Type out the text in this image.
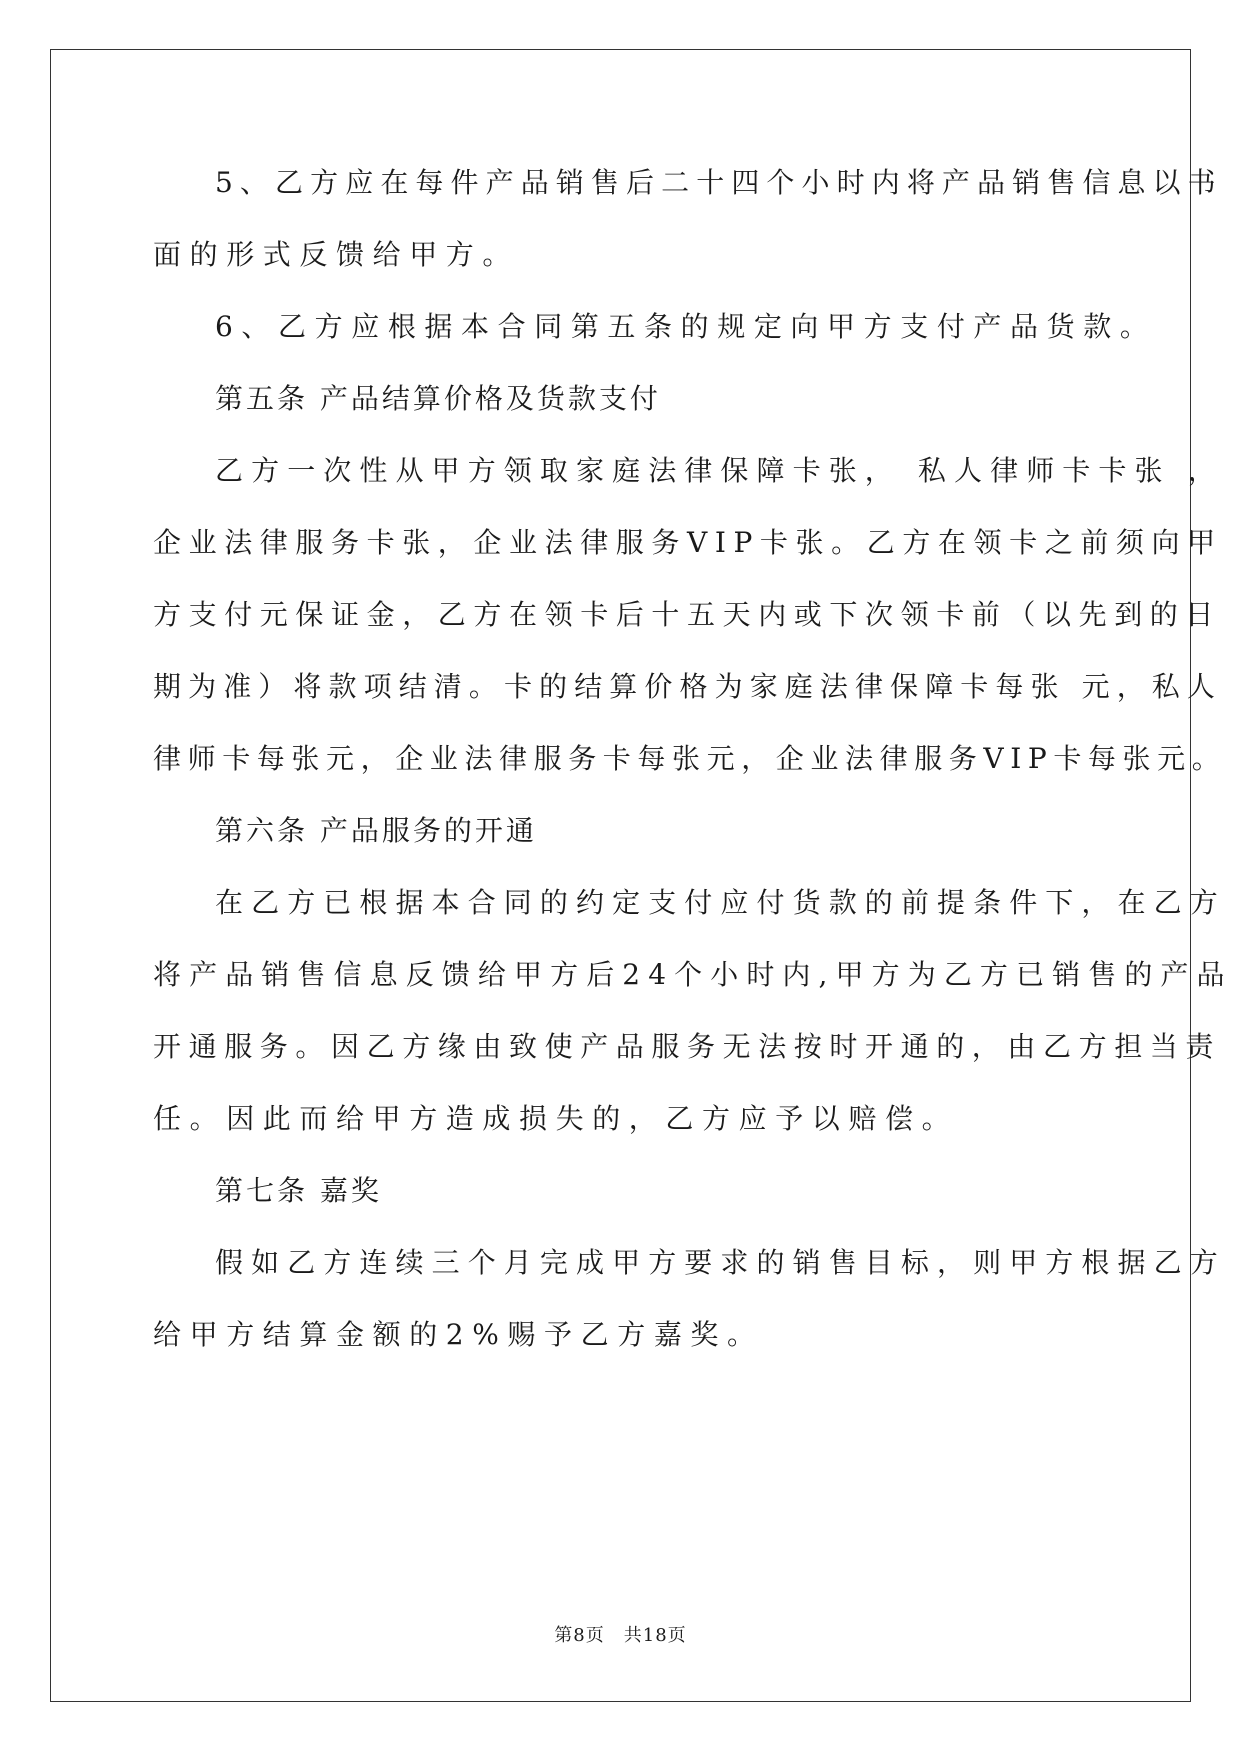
5、乙方应在每件产品销售后二十四个小时内将产品销售信息以书
面的形式反馈给甲方。
6、乙方应根据本合同第五条的规定向甲方支付产品货款。
第五条 产品结算价格及货款支付
乙方一次性从甲方领取家庭法律保障卡张， 私人律师卡卡张 ，
企业法律服务卡张，企业法律服务VIP卡张。乙方在领卡之前须向甲
方支付元保证金，乙方在领卡后十五天内或下次领卡前（以先到的日
期为准）将款项结清。卡的结算价格为家庭法律保障卡每张 元，私人
律师卡每张元，企业法律服务卡每张元，企业法律服务VIP卡每张元。
第六条 产品服务的开通
在乙方已根据本合同的约定支付应付货款的前提条件下，在乙方
将产品销售信息反馈给甲方后24个小时内,甲方为乙方已销售的产品
开通服务。因乙方缘由致使产品服务无法按时开通的，由乙方担当责
任。因此而给甲方造成损失的，乙方应予以赔偿。
第七条 嘉奖
假如乙方连续三个月完成甲方要求的销售目标，则甲方根据乙方
给甲方结算金额的2%赐予乙方嘉奖。
第8页　共18页
